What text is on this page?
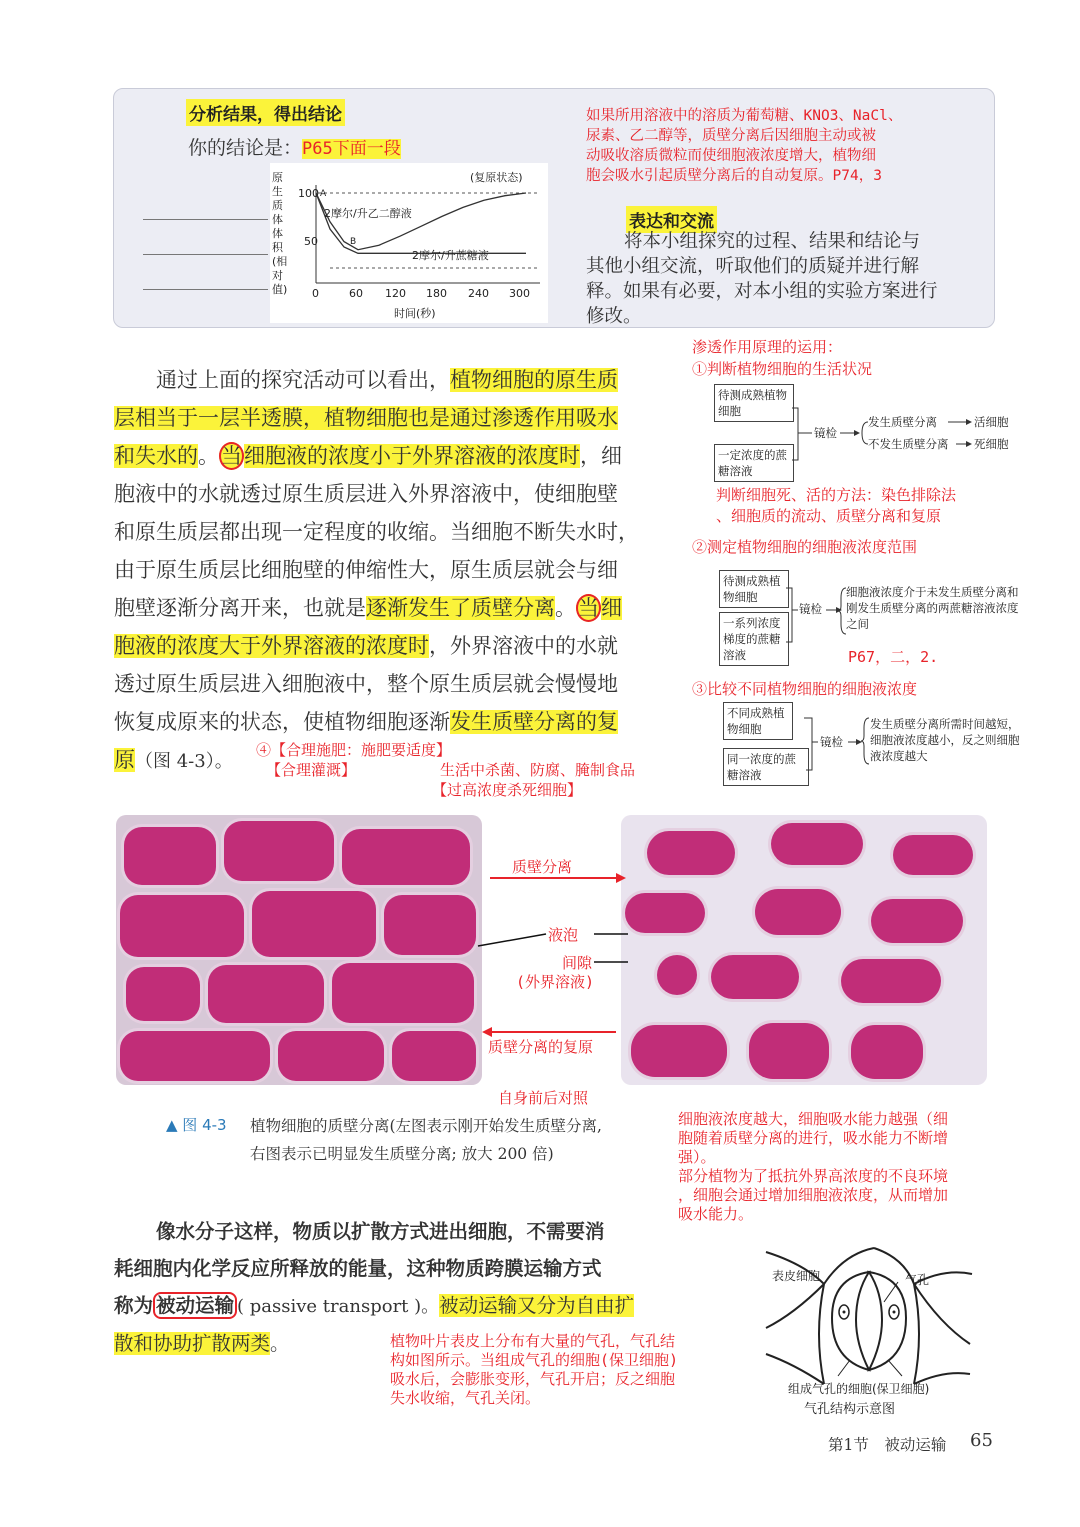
分析结果，得出结论
你的结论是：P65下面一段
原生质体体积(相对值)
100
50
0	60 120 180 240 300
(复原状态)
A
B
2摩尔/升乙二醇液
2摩尔/升蔗糖液
时间(秒)
如果所用溶液中的溶质为葡萄糖、KNO3、NaCl、
尿素、乙二醇等，质壁分离后因细胞主动或被
动吸收溶质微粒而使细胞液浓度增大，植物细
胞会吸水引起质壁分离后的自动复原。P74，3
表达和交流
将本小组探究的过程、结果和结论与
其他小组交流，听取他们的质疑并进行解
释。如果有必要，对本小组的实验方案进行
修改。
渗透作用原理的运用：
①判断植物细胞的生活状况
待测成熟植物细胞
一定浓度的蔗糖溶液
镜检
发生质壁分离	活细胞
不发生质壁分离 死细胞
判断细胞死、活的方法：染色排除法
、细胞质的流动、质壁分离和复原
②测定植物细胞的细胞液浓度范围
待测成熟植物细胞
一系列浓度梯度的蔗糖溶液
镜检
细胞液浓度介于未发生质壁分离和刚发生质壁分离的两蔗糖溶液浓度之间
P67，二，2.
③比较不同植物细胞的细胞液浓度
不同成熟植物细胞
同一浓度的蔗糖溶液
镜检
发生质壁分离所需时间越短，细胞液浓度越小，反之则细胞液浓度越大
通过上面的探究活动可以看出，植物细胞的原生质
层相当于一层半透膜，植物细胞也是通过渗透作用吸水
和失水的。当细胞液的浓度小于外界溶液的浓度时，细
胞液中的水就透过原生质层进入外界溶液中，使细胞壁
和原生质层都出现一定程度的收缩。当细胞不断失水时，
由于原生质层比细胞壁的伸缩性大，原生质层就会与细
胞壁逐渐分离开来，也就是逐渐发生了质壁分离。当细
胞液的浓度大于外界溶液的浓度时，外界溶液中的水就
透过原生质层进入细胞液中，整个原生质层就会慢慢地
恢复成原来的状态，使植物细胞逐渐发生质壁分离的复
原（图 4-3）。
④【合理施肥：施肥要适度】
【合理灌溉】	生活中杀菌、防腐、腌制食品
【过高浓度杀死细胞】
质壁分离
液泡
间隙
(外界溶液)
质壁分离的复原
自身前后对照
▲ 图 4-3 植物细胞的质壁分离(左图表示刚开始发生质壁分离,
右图表示已明显发生质壁分离; 放大 200 倍)
细胞液浓度越大，细胞吸水能力越强（细
胞随着质壁分离的进行，吸水能力不断增
强）。
部分植物为了抵抗外界高浓度的不良环境
，细胞会通过增加细胞液浓度，从而增加
吸水能力。
像水分子这样，物质以扩散方式进出细胞，不需要消
耗细胞内化学反应所释放的能量，这种物质跨膜运输方式
称为 被动运输 ( passive transport )。被动运输又分为自由扩
散和协助扩散两类。	植物叶片表皮上分布有大量的气孔，气孔结
构如图所示。当组成气孔的细胞(保卫细胞)
吸水后，会膨胀变形，气孔开启；反之细胞
失水收缩，气孔关闭。
表皮细胞	气孔
组成气孔的细胞(保卫细胞)
气孔结构示意图
第1节　被动运输 65
